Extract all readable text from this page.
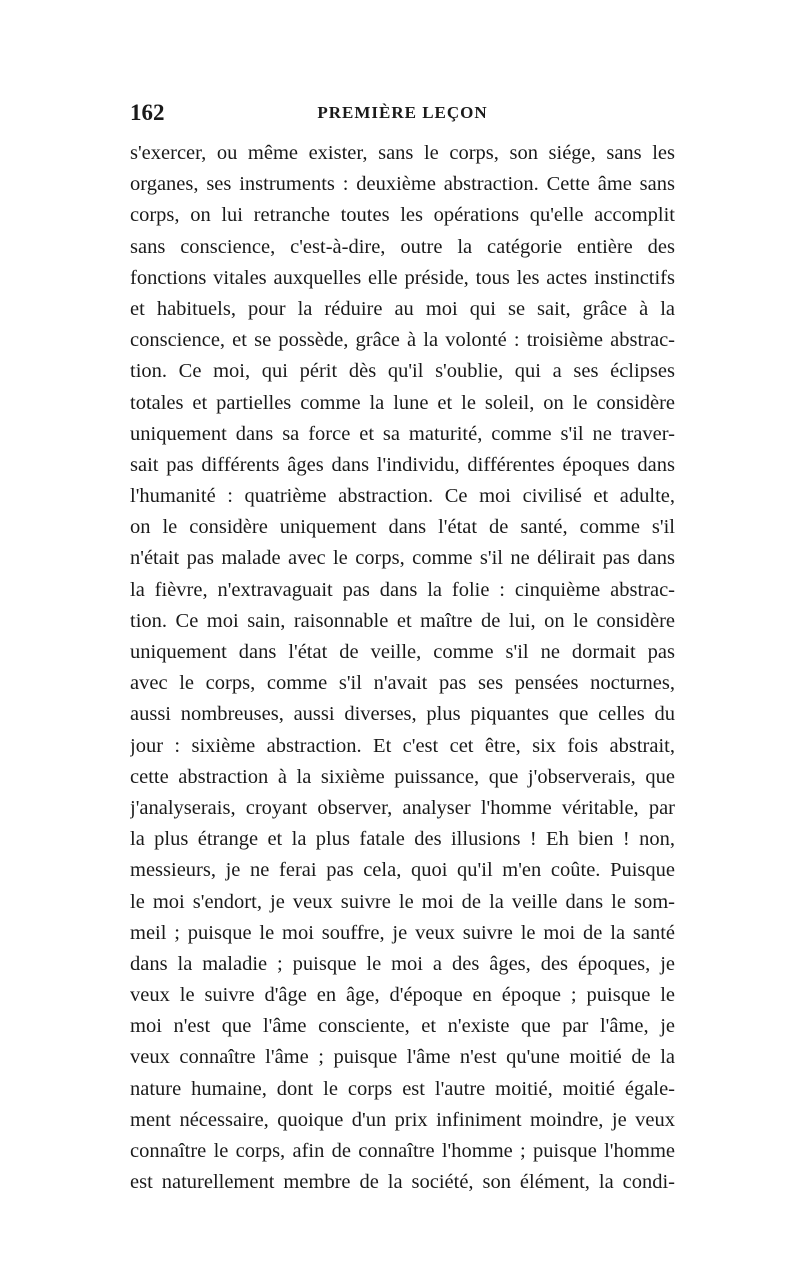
162	PREMIÈRE LEÇON
s'exercer, ou même exister, sans le corps, son siége, sans les
organes, ses instruments : deuxième abstraction. Cette âme sans
corps, on lui retranche toutes les opérations qu'elle accomplit
sans conscience, c'est-à-dire, outre la catégorie entière des
fonctions vitales auxquelles elle préside, tous les actes instinctifs
et habituels, pour la réduire au moi qui se sait, grâce à la
conscience, et se possède, grâce à la volonté : troisième abstrac-
tion. Ce moi, qui périt dès qu'il s'oublie, qui a ses éclipses
totales et partielles comme la lune et le soleil, on le considère
uniquement dans sa force et sa maturité, comme s'il ne traver-
sait pas différents âges dans l'individu, différentes époques dans
l'humanité : quatrième abstraction. Ce moi civilisé et adulte,
on le considère uniquement dans l'état de santé, comme s'il
n'était pas malade avec le corps, comme s'il ne délirait pas dans
la fièvre, n'extravaguait pas dans la folie : cinquième abstrac-
tion. Ce moi sain, raisonnable et maître de lui, on le considère
uniquement dans l'état de veille, comme s'il ne dormait pas
avec le corps, comme s'il n'avait pas ses pensées nocturnes,
aussi nombreuses, aussi diverses, plus piquantes que celles du
jour : sixième abstraction. Et c'est cet être, six fois abstrait,
cette abstraction à la sixième puissance, que j'observerais, que
j'analyserais, croyant observer, analyser l'homme véritable, par
la plus étrange et la plus fatale des illusions ! Eh bien ! non,
messieurs, je ne ferai pas cela, quoi qu'il m'en coûte. Puisque
le moi s'endort, je veux suivre le moi de la veille dans le som-
meil ; puisque le moi souffre, je veux suivre le moi de la santé
dans la maladie ; puisque le moi a des âges, des époques, je
veux le suivre d'âge en âge, d'époque en époque ; puisque le
moi n'est que l'âme consciente, et n'existe que par l'âme, je
veux connaître l'âme ; puisque l'âme n'est qu'une moitié de la
nature humaine, dont le corps est l'autre moitié, moitié égale-
ment nécessaire, quoique d'un prix infiniment moindre, je veux
connaître le corps, afin de connaître l'homme ; puisque l'homme
est naturellement membre de la société, son élément, la condi-
